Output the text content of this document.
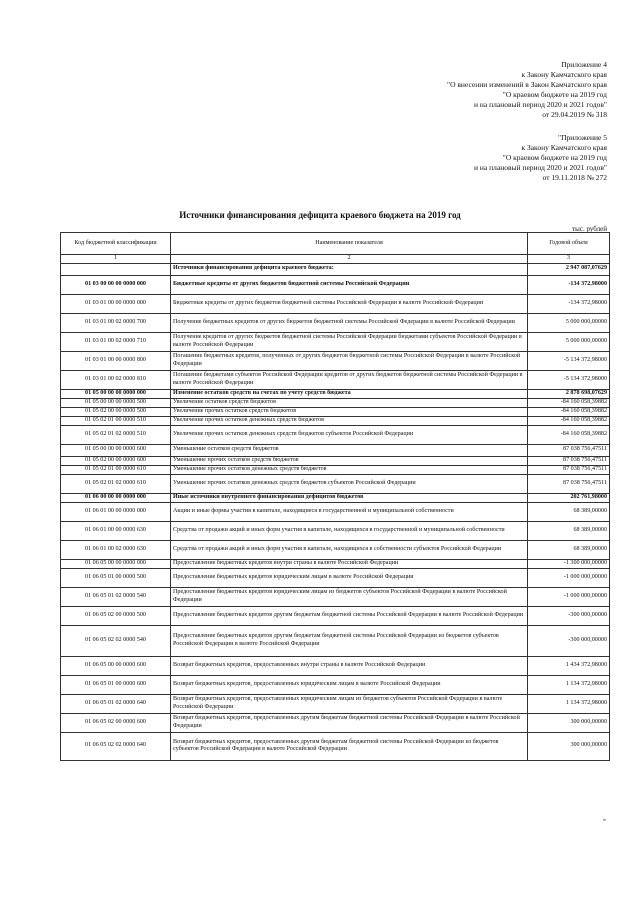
Приложение 4
к Закону Камчатского края
"О внесении изменений в Закон Камчатского края
"О краевом бюджете на 2019 год
и на плановый период 2020 и 2021 годов"
от 29.04.2019 № 318
"Приложение 5
к Закону Камчатского края
"О краевом бюджете на 2019 год
и на плановый период 2020 и 2021 годов"
от 19.11.2018 № 272
Источники финансирования дефицита краевого бюджета на 2019 год
тыс. рублей
Код бюджетной классификации	Наименование показателя	Годовой объем
1	2	3
	Источники финансирования дефицита краевого бюджета:	2 947 087,07629
01 03 00 00 00 0000 000	Бюджетные кредиты от других бюджетов бюджетной системы Российской Федерации	-134 372,98000
01 03 01 00 00 0000 000	Бюджетные кредиты от других бюджетов бюджетной системы Российской Федерации в валюте Российской Федерации	-134 372,98000
01 03 01 00 02 0000 700	Получение бюджетных кредитов от других бюджетов бюджетной системы Российской Федерации в валюте Российской Федерации	5 000 000,00000
01 03 01 00 02 0000 710	Получение кредитов от других бюджетов бюджетной системы Российской Федерации бюджетами субъектов Российской Федерации в валюте Российской Федерации	5 000 000,00000
01 03 01 00 00 0000 800	Погашение бюджетных кредитов, полученных от других бюджетов бюджетной системы Российской Федерации в валюте Российской Федерации	-5 134 372,98000
01 03 01 00 02 0000 810	Погашение бюджетами субъектов Российской Федерации кредитов от других бюджетов бюджетной системы Российской Федерации в валюте Российской Федерации	-5 134 372,98000
01 05 00 00 00 0000 000	Изменение остатков средств на счетах по учету средств бюджета	2 878 698,07629
01 05 00 00 00 0000 500	Увеличение остатков средств бюджетов	-84 160 058,39882
01 05 02 00 00 0000 500	Увеличение прочих остатков средств бюджетов	-84 160 058,39882
01 05 02 01 00 0000 510	Увеличение прочих остатков денежных средств бюджетов	-84 160 058,39882
01 05 02 01 02 0000 510	Увеличение прочих остатков денежных средств бюджетов субъектов Российской Федерации	-84 160 058,39882
01 05 00 00 00 0000 600	Уменьшение остатков средств бюджетов	87 038 756,47511
01 05 02 00 00 0000 600	Уменьшение прочих остатков средств бюджетов	87 038 756,47511
01 05 02 01 00 0000 610	Уменьшение прочих остатков денежных средств бюджетов	87 038 756,47511
01 05 02 01 02 0000 610	Уменьшение прочих остатков денежных средств бюджетов субъектов Российской Федерации	87 038 756,47511
01 06 00 00 00 0000 000	Иные источники внутреннего финансирования дефицитов бюджетов	202 761,98000
01 06 01 00 00 0000 000	Акции и иные формы участия в капитале, находящиеся в государственной и муниципальной собственности	68 389,00000
01 06 01 00 00 0000 630	Средства от продажи акций и иных форм участия в капитале, находящихся в государственной и муниципальной собственности	68 389,00000
01 06 01 00 02 0000 630	Средства от продажи акций и иных форм участия в капитале, находящихся в собственности субъектов Российской Федерации	68 389,00000
01 06 05 00 00 0000 000	Предоставление бюджетных кредитов внутри страны в валюте Российской Федерации	-1 300 000,00000
01 06 05 01 00 0000 500	Предоставление бюджетных кредитов юридическим лицам в валюте Российской Федерации	-1 000 000,00000
01 06 05 01 02 0000 540	Предоставление бюджетных кредитов юридическим лицам из бюджетов субъектов Российской Федерации в валюте Российской Федерации	-1 000 000,00000
01 06 05 02 00 0000 500	Предоставление бюджетных кредитов другим бюджетам бюджетной системы Российской Федерации в валюте Российской Федерации	-300 000,00000
01 06 05 02 02 0000 540	Предоставление бюджетных кредитов другим бюджетам бюджетной системы Российской Федерации из бюджетов субъектов Российской Федерации в валюте Российской Федерации	-300 000,00000
01 06 05 00 00 0000 600	Возврат бюджетных кредитов, предоставленных внутри страны в валюте Российской Федерации	1 434 372,98000
01 06 05 01 00 0000 600	Возврат бюджетных кредитов, предоставленных юридическим лицам в валюте Российской Федерации	1 134 372,98000
01 06 05 01 02 0000 640	Возврат бюджетных кредитов, предоставленных юридическим лицам из бюджетов субъектов Российской Федерации в валюте Российской Федерации	1 134 372,98000
01 06 05 02 00 0000 600	Возврат бюджетных кредитов, предоставленных другим бюджетам бюджетной системы Российской Федерации в валюте Российской Федерации	300 000,00000
01 06 05 02 02 0000 640	Возврат бюджетных кредитов, предоставленных другим бюджетам бюджетной системы Российской Федерации из бюджетов субъектов Российской Федерации в валюте Российской Федерации	300 000,00000
»
